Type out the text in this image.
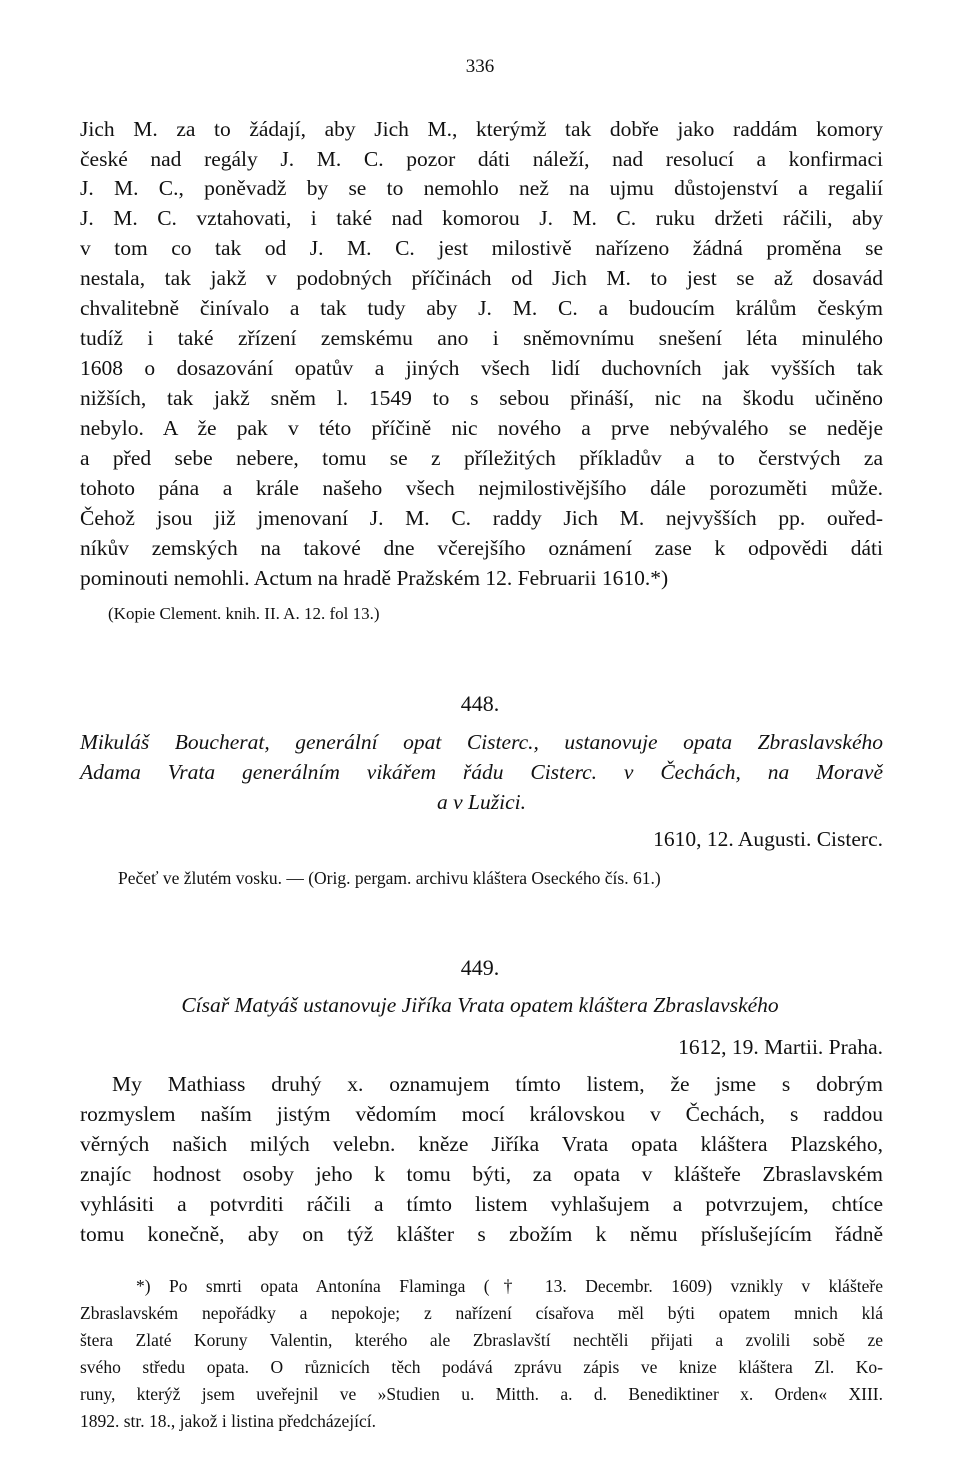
336
Jich M. za to žádají, aby Jich M., kterýmž tak dobře jako raddám komory
české nad regály J. M. C. pozor dáti náleží, nad resolucí a konfirmaci
J. M. C., poněvadž by se to nemohlo než na ujmu důstojenství a regalií
J. M. C. vztahovati, i také nad komorou J. M. C. ruku držeti ráčili, aby
v tom co tak od J. M. C. jest milostivě nařízeno žádná proměna se
nestala, tak jakž v podobných příčinách od Jich M. to jest se až dosavád
chvalitebně činívalo a tak tudy aby J. M. C. a budoucím králům českým
tudíž i také zřízení zemskému ano i sněmovnímu snešení léta minulého
1608 o dosazování opatův a jiných všech lidí duchovních jak vyšších tak
nižších, tak jakž sněm l. 1549 to s sebou přináší, nic na škodu učiněno
nebylo. A že pak v této příčině nic nového a prve nebývalého se neděje
a před sebe nebere, tomu se z příležitých příkladův a to čerstvých za
tohoto pána a krále našeho všech nejmilostivějšího dále porozuměti může.
Čehož jsou již jmenovaní J. M. C. raddy Jich M. nejvyšších pp. ouřed-
níkův zemských na takové dne včerejšího oznámení zase k odpovědi dáti
pominouti nemohli. Actum na hradě Pražském 12. Februarii 1610.*)
(Kopie Clement. knih. II. A. 12. fol 13.)
448.
Mikuláš Boucherat, generální opat Cisterc., ustanovuje opata Zbraslavského
Adama Vrata generálním vikářem řádu Cisterc. v Čechách, na Moravě
a v Lužici.
1610, 12. Augusti. Cisterc.
Pečeť ve žlutém vosku. — (Orig. pergam. archivu kláštera Oseckého čís. 61.)
449.
Císař Matyáš ustanovuje Jiříka Vrata opatem kláštera Zbraslavského
1612, 19. Martii. Praha.
My Mathiass druhý x. oznamujem tímto listem, že jsme s dobrým
rozmyslem naším jistým vědomím mocí královskou v Čechách, s raddou
věrných našich milých velebn. kněze Jiříka Vrata opata kláštera Plazského,
znajíc hodnost osoby jeho k tomu býti, za opata v klášteře Zbraslavském
vyhlásiti a potvrditi ráčili a tímto listem vyhlašujem a potvrzujem, chtíce
tomu konečně, aby on týž klášter s zbožím k němu příslušejícím řádně
*) Po smrti opata Antonína Flaminga († 13. Decembr. 1609) vznikly v klášteře
Zbraslavském nepořádky a nepokoje; z nařízení císařova měl býti opatem mnich klá
štera Zlaté Koruny Valentin, kterého ale Zbraslavští nechtěli přijati a zvolili sobě ze
svého středu opata. O různicích těch podává zprávu zápis ve knize kláštera Zl. Ko-
runy, kterýž jsem uveřejnil ve »Studien u. Mitth. a. d. Benediktiner x. Orden« XIII.
1892. str. 18., jakož i listina předcházející.
